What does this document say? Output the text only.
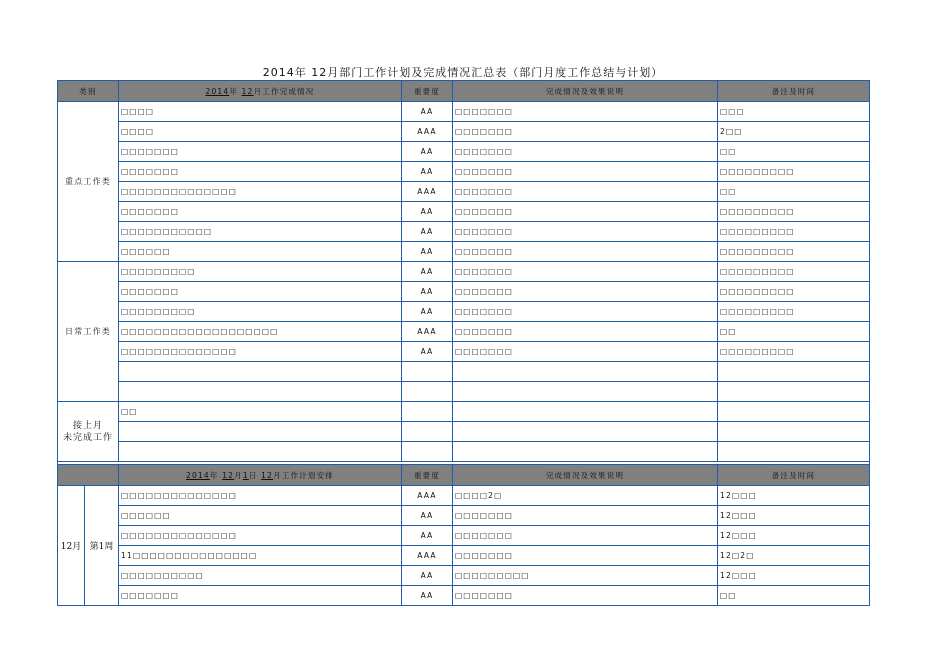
2014年 12月部门工作计划及完成情况汇总表（部门月度工作总结与计划）
类别		2014年 12月工作完成情况	重要度	完成情况及效果说明	备注及时间
重点工作类		□□□□	AA	□□□□□□□	□□□
		□□□□	AAA	□□□□□□□	2□□
		□□□□□□□	AA	□□□□□□□	□□
		□□□□□□□	AA	□□□□□□□	□□□□□□□□□
		□□□□□□□□□□□□□□	AAA	□□□□□□□	□□
		□□□□□□□	AA	□□□□□□□	□□□□□□□□□
		□□□□□□□□□□□	AA	□□□□□□□	□□□□□□□□□
		□□□□□□	AA	□□□□□□□	□□□□□□□□□
日常工作类		□□□□□□□□□	AA	□□□□□□□	□□□□□□□□□
		□□□□□□□	AA	□□□□□□□	□□□□□□□□□
		□□□□□□□□□	AA	□□□□□□□	□□□□□□□□□
		□□□□□□□□□□□□□□□□□□□	AAA	□□□□□□□	□□
		□□□□□□□□□□□□□□	AA	□□□□□□□	□□□□□□□□□

接上月
未完成工作		□□			

		2014年 12月1日 12月工作计划安排	重要度	完成情况及效果说明	备注及时间
12月	第1周	□□□□□□□□□□□□□□	AAA	□□□□2□	12□□□
		□□□□□□	AA	□□□□□□□	12□□□
		□□□□□□□□□□□□□□	AA	□□□□□□□	12□□□
		11□□□□□□□□□□□□□□□	AAA	□□□□□□□	12□2□
		□□□□□□□□□□	AA	□□□□□□□□□	12□□□
		□□□□□□□	AA	□□□□□□□	□□
